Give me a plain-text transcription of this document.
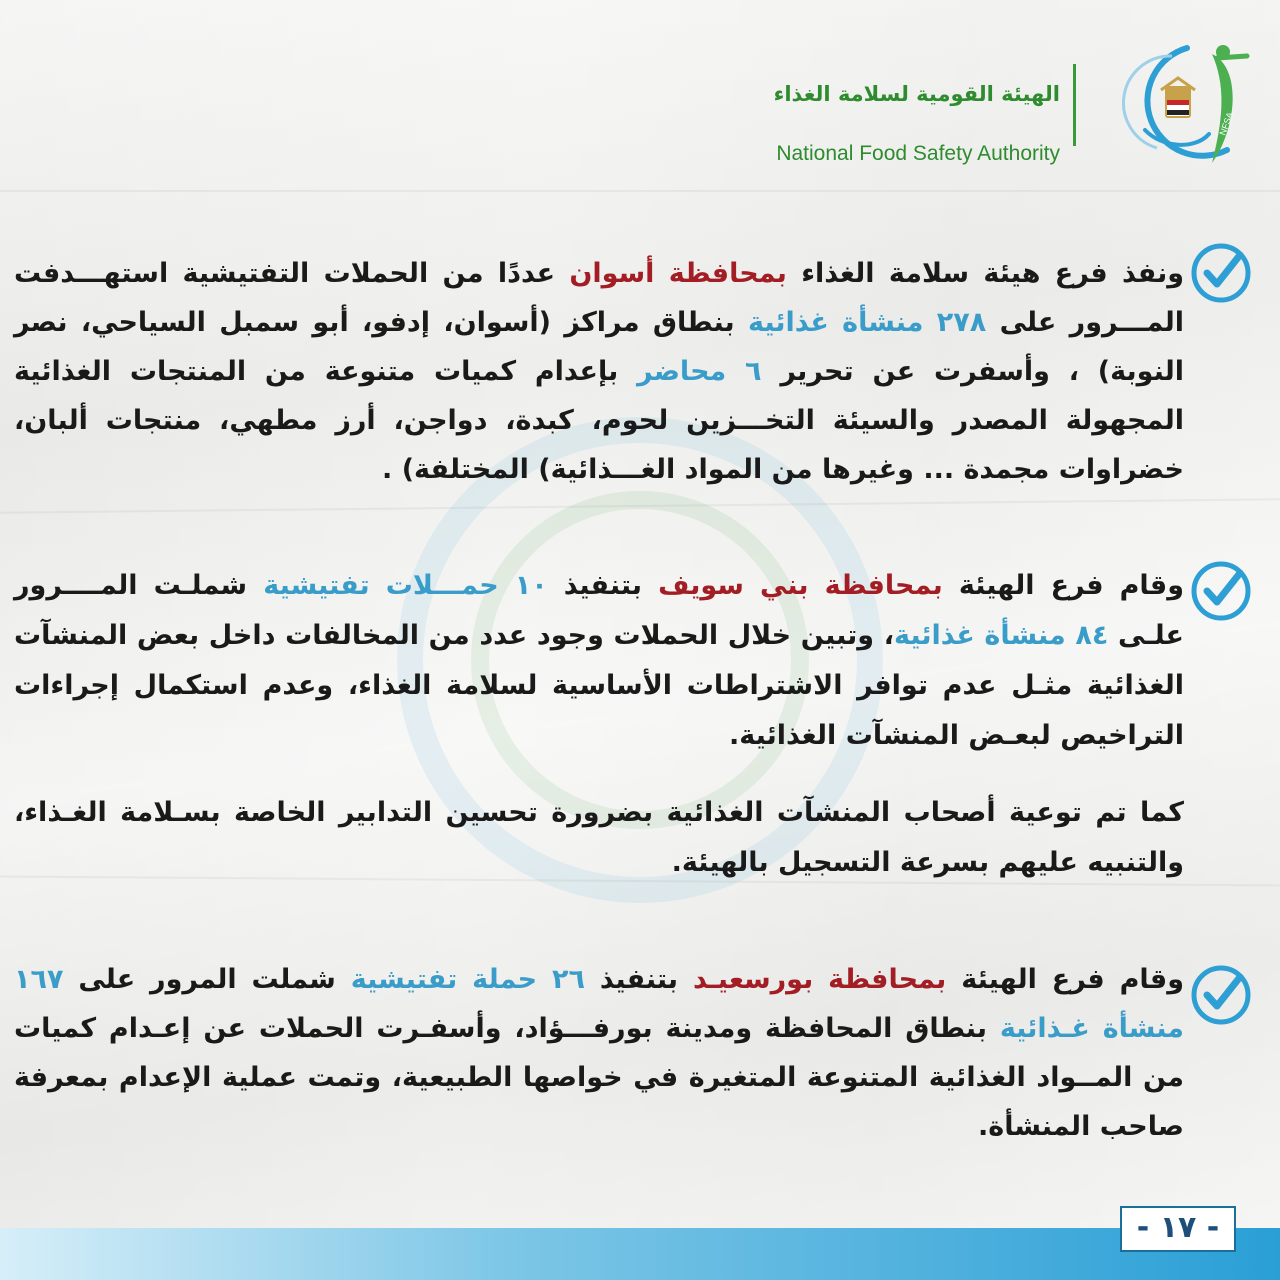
NFSA
الهيئة القومية لسلامة الغذاء
National Food Safety Authority

ونفذ فرع هيئة سلامة الغذاء بمحافظة أسوان عددًا من الحملات التفتيشية استهـــدفت المـــرور على ٢٧٨ منشأة غذائية بنطاق مراكز (أسوان، إدفو، أبو سمبل السياحي، نصر النوبة) ، وأسفرت عن تحرير ٦ محاضر بإعدام كميات متنوعة من المنتجات الغذائية المجهولة المصدر والسيئة التخـــزين لحوم، كبدة، دواجن، أرز مطهي، منتجات ألبان، خضراوات مجمدة ... وغيرها من المواد الغـــذائية) المختلفة) .

وقام فرع الهيئة بمحافظة بني سويف بتنفيذ ١٠ حمـــلات تفتيشية شملـت المــــرور علـى ٨٤ منشأة غذائية، وتبين خلال الحملات وجود عدد من المخالفات داخل بعض المنشآت الغذائية مثـل عدم توافر الاشتراطات الأساسية لسلامة الغذاء، وعدم استكمال إجراءات التراخيص لبعـض المنشآت الغذائية.

كما تم توعية أصحاب المنشآت الغذائية بضرورة تحسين التدابير الخاصة بسـلامة الغـذاء، والتنبيه عليهم بسرعة التسجيل بالهيئة.

وقام فرع الهيئة بمحافظة بورسعيـد بتنفيذ ٢٦ حملة تفتيشية شملت المرور على ١٦٧ منشأة غـذائية بنطاق المحافظة ومدينة بورفـــؤاد، وأسفـرت الحملات عن إعـدام كميات من المــواد الغذائية المتنوعة المتغيرة في خواصها الطبيعية، وتمت عملية الإعدام بمعرفة صاحب المنشأة.

- ١٧ -
